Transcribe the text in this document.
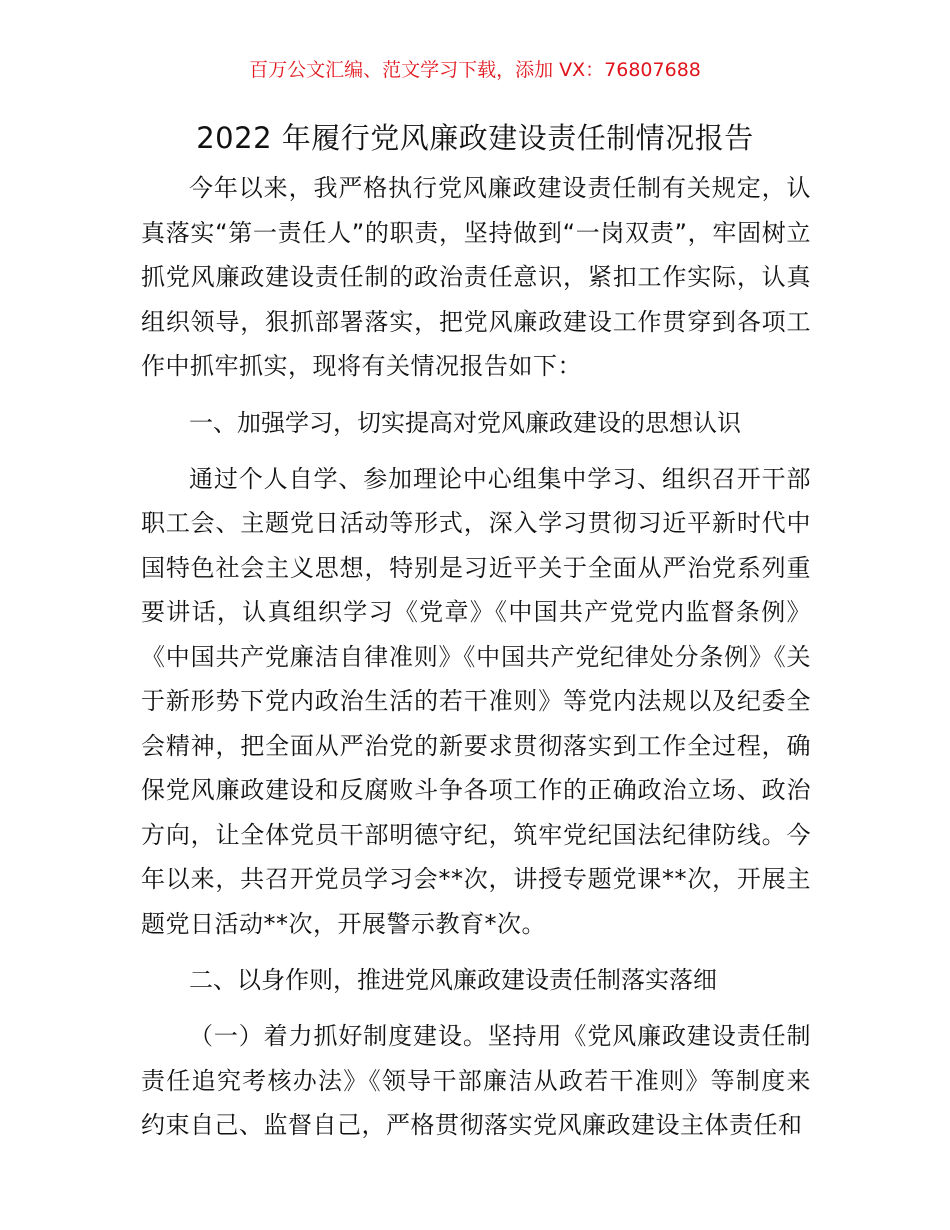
百万公文汇编、范文学习下载，添加 VX：76807688
2022 年履行党风廉政建设责任制情况报告

今年以来，我严格执行党风廉政建设责任制有关规定，认真落实“第一责任人”的职责，坚持做到“一岗双责”，牢固树立抓党风廉政建设责任制的政治责任意识，紧扣工作实际，认真组织领导，狠抓部署落实，把党风廉政建设工作贯穿到各项工作中抓牢抓实，现将有关情况报告如下：

一、加强学习，切实提高对党风廉政建设的思想认识

通过个人自学、参加理论中心组集中学习、组织召开干部职工会、主题党日活动等形式，深入学习贯彻习近平新时代中国特色社会主义思想，特别是习近平关于全面从严治党系列重要讲话，认真组织学习《党章》《中国共产党党内监督条例》《中国共产党廉洁自律准则》《中国共产党纪律处分条例》《关于新形势下党内政治生活的若干准则》等党内法规以及纪委全会精神，把全面从严治党的新要求贯彻落实到工作全过程，确保党风廉政建设和反腐败斗争各项工作的正确政治立场、政治方向，让全体党员干部明德守纪，筑牢党纪国法纪律防线。今年以来，共召开党员学习会**次，讲授专题党课**次，开展主题党日活动**次，开展警示教育*次。

二、以身作则，推进党风廉政建设责任制落实落细

（一）着力抓好制度建设。坚持用《党风廉政建设责任制责任追究考核办法》《领导干部廉洁从政若干准则》等制度来约束自己、监督自己，严格贯彻落实党风廉政建设主体责任和
